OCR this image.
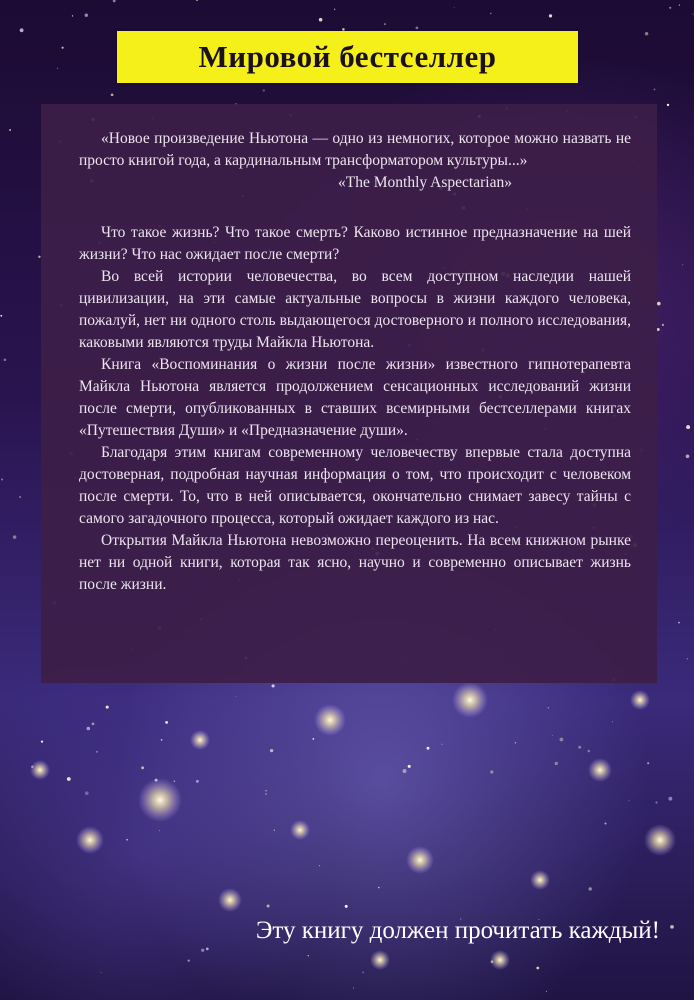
Мировой бестселлер

«Новое произведение Ньютона — одно из немногих, которое можно назвать не просто книгой года, а кардинальным трансформатором культуры...»

«The Monthly Aspectarian»

Что такое жизнь? Что такое смерть? Каково истинное предназначение на шей жизни? Что нас ожидает после смерти?

Во всей истории человечества, во всем доступном наследии нашей цивилизации, на эти самые актуальные вопросы в жизни каждого человека, пожалуй, нет ни одного столь выдающегося достоверного и полного исследования, каковыми являются труды Майкла Ньютона.

Книга «Воспоминания о жизни после жизни» известного гипнотерапевта Майкла Ньютона является продолжением сенсационных исследований жизни после смерти, опубликованных в ставших всемирными бестселлерами книгах «Путешествия Души» и «Предназначение души».

Благодаря этим книгам современному человечеству впервые стала доступна достоверная, подробная научная информация о том, что происходит с человеком после смерти. То, что в ней описывается, окончательно снимает завесу тайны с самого загадочного процесса, который ожидает каждого из нас.

Открытия Майкла Ньютона невозможно переоценить. На всем книжном рынке нет ни одной книги, которая так ясно, научно и современно описывает жизнь после жизни.

Эту книгу должен прочитать каждый!
